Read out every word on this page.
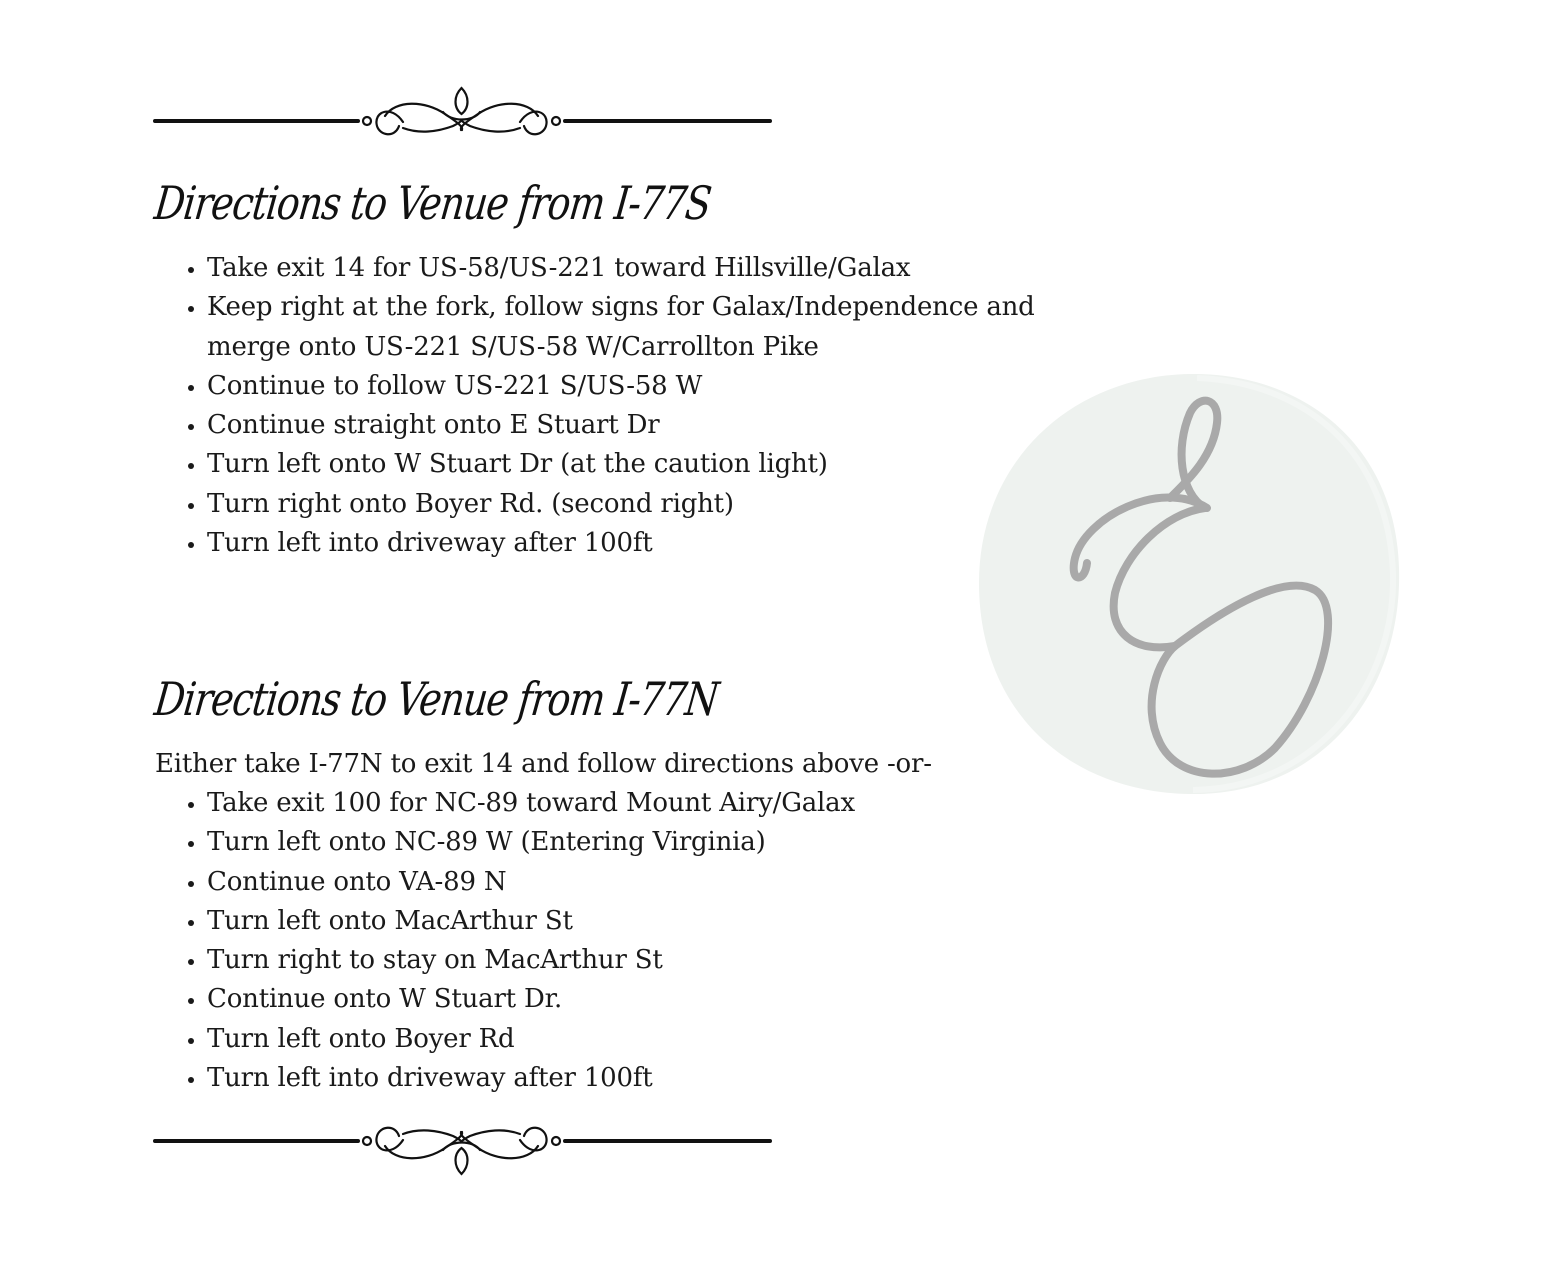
Directions to Venue from I-77S
• Take exit 14 for US-58/US-221 toward Hillsville/Galax
• Keep right at the fork, follow signs for Galax/Independence and merge onto US-221 S/US-58 W/Carrollton Pike
• Continue to follow US-221 S/US-58 W
• Continue straight onto E Stuart Dr
• Turn left onto W Stuart Dr (at the caution light)
• Turn right onto Boyer Rd. (second right)
• Turn left into driveway after 100ft
Directions to Venue from I-77N

Either take I-77N to exit 14 and follow directions above -or-

• Take exit 100 for NC-89 toward Mount Airy/Galax
• Turn left onto NC-89 W (Entering Virginia)
• Continue onto VA-89 N
• Turn left onto MacArthur St
• Turn right to stay on MacArthur St
• Continue onto W Stuart Dr.
• Turn left onto Boyer Rd
• Turn left into driveway after 100ft
